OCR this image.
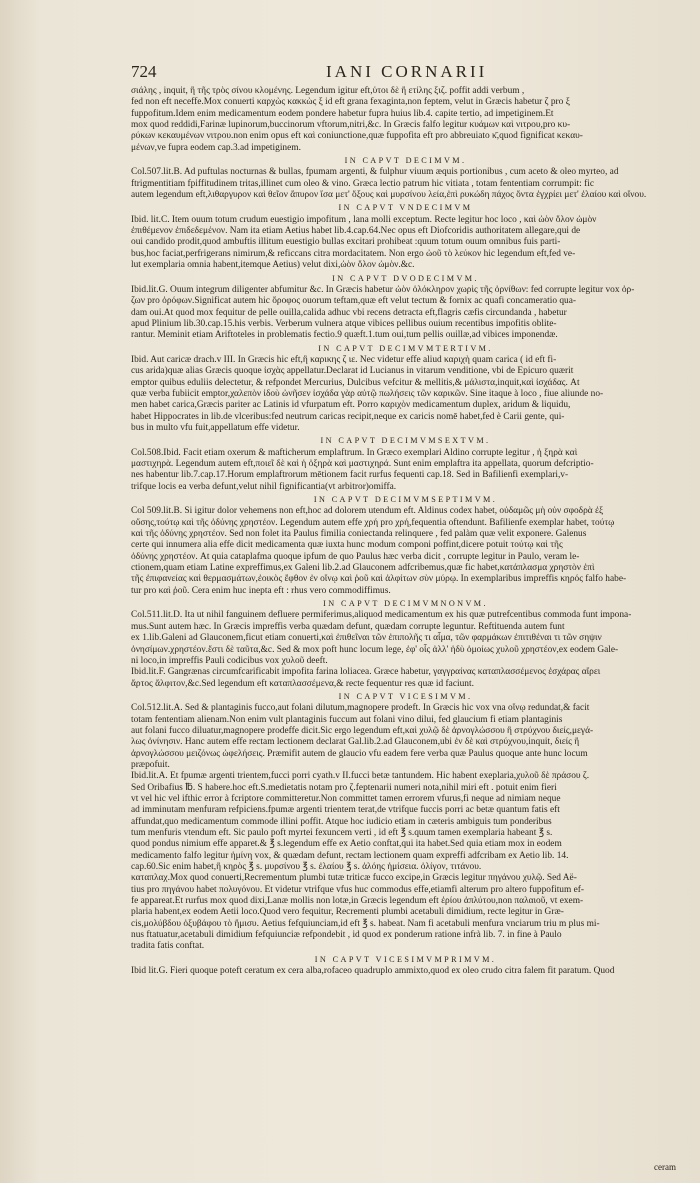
724	IANI CORNARII
σιάλης , inquit, ἢ τῆς τρὸς σίνου κλομένης. Legendum igitur eft,ὑτοι δὲ ἢ ετίλης ξιζ. poffit addi verbum ,
fed non eft neceffe.Mox conuerti καρχὼς κακκὼς ξ id eft grana fexaginta,non feptem, velut in Græcis habetur ζ pro ξ
fuppofitum.Idem enim medicamentum eodem pondere habetur fupra huius lib.4. capite tertio, ad impetiginem.Et
mox quod reddidi,Farinæ lupinorum,buccinorum vftorum,nitri,&c. In Græcis falfo legitur κυάμων καὶ νιτρου,pro κυ-
ρύκων κεκαυμένων νιτρου.non enim opus eft καὶ coniunctione,quæ fuppofita eft pro abbreuiato κ̄,quod fignificat κεκαυ-
μένων,ve fupra eodem cap.3.ad impetiginem.
IN CAPVT DECIMVM.
Col.507.lit.B. Ad puftulas nocturnas & bullas, fpumam argenti, & fulphur viuum æquis portionibus , cum aceto & oleo myrteo, ad
ftrigmentitiam fpiffitudinem tritas,illinet cum oleo & vino. Græca lectio patrum hic vitiata , totam fententiam corrumpit: fic
autem legendum eft,λιθαργυρον καὶ θεῖον ἄπυρον ἴσα μετ' ὄξους καὶ μυρσίνου λεία,ἐπὶ ρυκώδη πάχος ὄντα ἐγχρίει μετ' ἐλαίου καὶ οἴνου.
IN CAPVT VNDECIMVM
Ibid. lit.C. Item ouum totum crudum euestigio impofitum , lana molli exceptum. Recte legitur hoc loco , καὶ ὠὸν ὅλον ὠμὸν
ἐπιθέμενον ἐπιδεδεμένον. Nam ita etiam Aetius habet lib.4.cap.64.Nec opus eft Diofcoridis authoritatem allegare,qui de
oui candido prodit,quod ambuftis illitum euestigio bullas excitari prohibeat :quum totum ouum omnibus fuis parti-
bus,hoc faciat,perfrigerans nimirum,& reficcans citra mordacitatem. Non ergo ὠοῦ τὸ λεύκον hic legendum eft,fed ve-
lut exemplaria omnia habent,itemque Aetius) velut dixi,ὠὸν ὅλον ὠμὸν.&c.
IN CAPVT DVODECIMVM.
Ibid.lit.G. Ouum integrum diligenter abfumitur &c. In Græcis habetur ὠὸν ὁλόκληρον χωρὶς τῆς ὀρνίθων: fed corrupte legitur vox ὀρ-
ζων pro ὀρόφων.Significat autem hic ὄροφος ouorum teftam,quæ eft velut tectum & fornix ac quafi concameratio qua-
dam oui.At quod mox fequitur de pelle ouilla,calida adhuc vbi recens detracta eft,flagris cæfis circundanda , habetur
apud Plinium lib.30.cap.15.his verbis. Verberum vulnera atque vibices pellibus ouium recentibus impofitis oblite-
rantur. Meminit etiam Ariftoteles in problematis fectio.9 quæft.1.tum oui,tum pellis ouillæ,ad vibices imponendæ.
IN CAPVT DECIMVMTERTIVM.
Ibid. Aut caricæ drach.v III. In Græcis hic eft,ἢ καρικης ζ ιε. Nec videtur effe aliud καριχὴ quam carica ( id eft fi-
cus arida)quæ alias Græcis quoque ἰσχὰς appellatur.Declarat id Lucianus in vitarum venditione, vbi de Epicuro quærit
emptor quibus eduliis delectetur, & refpondet Mercurius, Dulcibus vefcitur & mellitis,& μάλιστα,inquit,καὶ ἰσχάδας. At
quæ verba fubiicit emptor,χαλεπὸν ἰδοὺ ὠνῆσεν ἰσχάδα γὰρ αὐτῷ πωλήσεις τῶν καρικῶν. Sine itaque à loco , fiue aliunde no-
men habet carica,Græcis pariter ac Latinis id vfurpatum eft. Porro καριχὸν medicamentum duplex, aridum & liquidu,
habet Hippocrates in lib.de vlceribus:fed neutrum caricas recipit,neque ex caricis nomē habet,fed è Carii gente, qui-
bus in multo vfu fuit,appellatum effe videtur.
IN CAPVT DECIMVMSEXTVM.
Col.508.Ibid. Facit etiam oxerum & mafticherum emplaftrum. In Græco exemplari Aldino corrupte legitur , ἡ ξηρὰ καὶ
μαστιχηρὰ. Legendum autem eft,ποιεῖ δὲ καὶ ἡ ὀξηρὰ καὶ μαστιχηρά. Sunt enim emplaftra ita appellata, quorum defcriptio-
nes habentur lib.7.cap.17.Horum emplaftrorum mētionem facit rurfus fequenti cap.18. Sed in Bafilienfi exemplari,v-
trifque locis ea verba defunt,velut nihil fignificantia(vt arbitror)omiffa.
IN CAPVT DECIMVMSEPTIMVM.
Col 509.lit.B. Si igitur dolor vehemens non eft,hoc ad dolorem utendum eft. Aldinus codex habet, οὐδαμῶς μὴ οὐν σφοδρὰ ἐξ
οὔσης,τούτῳ καὶ τῆς ὀδύνης χρηστέον. Legendum autem effe χρή pro χρή,fequentia oftendunt. Bafilienfe exemplar habet, τούτῳ
καὶ τῆς ὀδύνης χρηστέον. Sed non folet ita Paulus fimilia coniectanda relinquere , fed palàm quæ velit exponere. Galenus
certe qui innumera alia effe dicit medicamenta quæ iuxta hunc modum componi poffint,dicere potuit τούτῳ καὶ τῆς
ὀδύνης χρηστέον. At quia cataplafma quoque ipfum de quo Paulus hæc verba dicit , corrupte legitur in Paulo, veram le-
ctionem,quam etiam Latine expreffimus,ex Galeni lib.2.ad Glauconem adfcribemus,quæ fic habet,κατάπλασμα χρηστὸν ἐπὶ
τῆς ἐπιφανείας καὶ θερμασμάτων,ἐοικὸς ἔφθον ἐν οἴνῳ καὶ ῥοῦ καὶ ἀλφίτων σὺν μύρῳ. In exemplaribus impreffis κηρός falfo habe-
tur pro καὶ ῥοῦ. Cera enim huc inepta eft : rhus vero commodiffimus.
IN CAPVT DECIMVMNONVM.
Col.511.lit.D. Ita ut nihil fanguinem defluere permiferimus,aliquod medicamentum ex his quæ putrefcentibus commoda funt impona-
mus.Sunt autem hæc. In Græcis impreffis verba quædam defunt, quædam corrupte leguntur. Reftituenda autem funt
ex 1.lib.Galeni ad Glauconem,ficut etiam conuerti,καὶ ἐπιθεῖναι τῶν ἐπιπολῆς τι αἷμα, τῶν φαρμάκων ἐπιτιθέναι τι τῶν σηψιν
ὀνησίμων.χρηστέον.ἔστι δὲ ταῦτα,&c. Sed & mox poft hunc locum lege, ἐφ' οἷς ἀλλ' ἡδὺ ὁμοίως χυλοῦ χρηστέον,ex eodem Gale-
ni loco,in impreffis Pauli codicibus vox χυλοῦ deeft.
Ibid.lit.F. Gangrænas circumfcarificabit impofita farina loliacea. Græce habetur, γαγγραίνας καταπλασσέμενος ἐσχάρας αἴρει
ἄρτος ἄλφιτον,&c.Sed legendum eft καταπλασσέμενα,& recte fequentur res quæ id faciunt.
IN CAPVT VICESIMVM.
Col.512.lit.A. Sed & plantaginis fucco,aut folani dilutum,magnopere prodeft. In Græcis hic vox vna οἴνῳ redundat,& facit
totam fententiam alienam.Non enim vult plantaginis fuccum aut folani vino dilui, fed glaucium fi etiam plantaginis
aut folani fucco diluatur,magnopere prodeffe dicit.Sic ergo legendum eft,καὶ χυλῷ δὲ ἀρνογλώσσου ἢ στρύχνου διείς,μεγά-
λως ὀνίνησιν. Hanc autem effe rectam lectionem declarat Gal.lib.2.ad Glauconem,ubi ἐν δὲ καὶ στρύχνου,inquit, διείς ἢ
ἀρνογλώσσου μειζόνως ὠφελήσεις. Præmifit autem de glaucio vfu eadem fere verba quæ Paulus quoque ante hunc locum
præpofuit.
Ibid.lit.A. Et fpumæ argenti trientem,fucci porri cyath.v II.fucci betæ tantundem. Hic habent exeplaria,χυλοῦ δὲ πράσου ζ.
Sed Oribafius ℔. S habere.hoc eft.S.medietatis notam pro ζ.feptenarii numeri nota,nihil miri eft . potuit enim fieri
vt vel hic vel ifthic error à fcriptore committeretur.Non committet tamen errorem vfurus,fi neque ad nimiam neque
ad imminutam menfuram refpiciens.fpumæ argenti trientem terat,de vtrifque fuccis porri ac betæ quantum fatis eft
affundat,quo medicamentum commode illini poffit. Atque hoc iudicio etiam in cæteris ambiguis tum ponderibus
tum menfuris vtendum eft. Sic paulo poft myrtei fexuncem verti , id eft ℥ s.quum tamen exemplaria habeant ℥ s.
quod pondus nimium effe apparet.& ℥ s.legendum effe ex Aetio conftat,qui ita habet.Sed quia etiam mox in eodem
medicamento falfo legitur ἡμίνη vox, & quædam defunt, rectam lectionem quam expreffi adfcribam ex Aetio lib. 14.
cap.60.Sic enim habet,ἢ κηρὸς ℥ s. μυρσίνου ℥ s. ἐλαίου ℥ s. ἀλόης ἡμίσεια. ὀλίγον, τιτάνου.
καταπλαχ.Mox quod conuerti,Recrementum plumbi tutæ triticæ fucco excipe,in Græcis legitur πηγάνου χυλῷ. Sed Aë-
tius pro πηγάνου habet πολυγόνου. Et videtur vtrifque vfus huc commodus effe,etiamfi alterum pro altero fuppofitum ef-
fe appareat.Et rurfus mox quod dixi,Lanæ mollis non lotæ,in Græcis legendum eft ἐρίου ἀπλύτου,non παλαιοῦ, vt exem-
plaria habent,ex eodem Aetii loco.Quod vero fequitur, Recrementi plumbi acetabuli dimidium, recte legitur in Græ-
cis,μολύβδου ὀξυβάφου τὸ ἥμισυ. Aetius fefquiunciam,id eft ℥ s. habeat. Nam fi acetabuli menfura vnciarum triu m plus mi-
nus ftatuatur,acetabuli dimidium fefquiunciæ refpondebit , id quod ex ponderum ratione infrà lib. 7. in fine à Paulo
tradita fatis conftat.
IN CAPVT VICESIMVMPRIMVM.
Ibid lit.G. Fieri quoque poteft ceratum ex cera alba,rofaceo quadruplo ammixto,quod ex oleo crudo citra falem fit paratum. Quod
ceram
